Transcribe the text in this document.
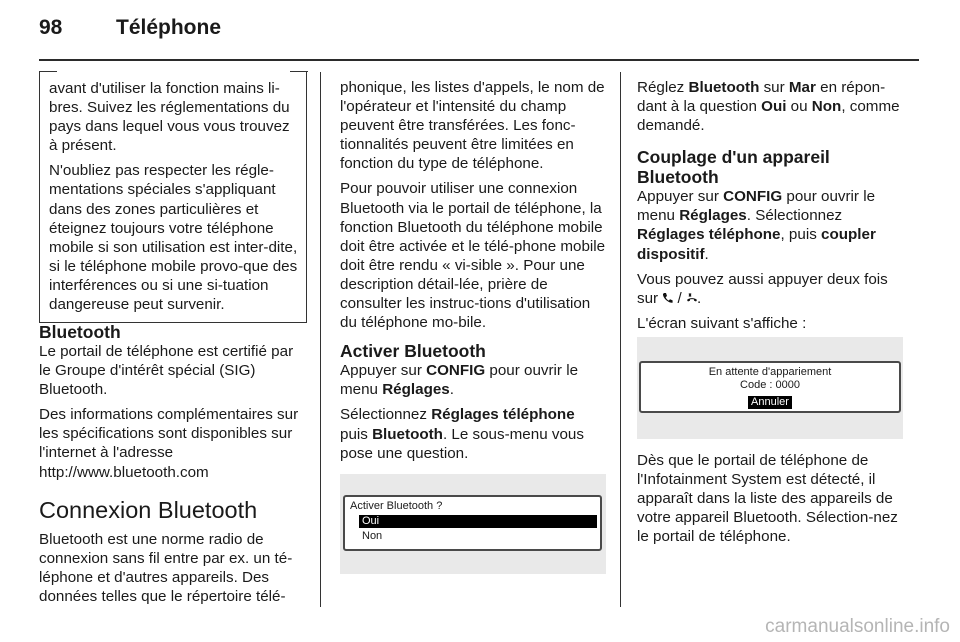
98	Téléphone

avant d'utiliser la fonction mains li-bres. Suivez les réglementations du pays dans lequel vous vous trouvez à présent.

N'oubliez pas respecter les régle-mentations spéciales s'appliquant dans des zones particulières et éteignez toujours votre téléphone mobile si son utilisation est inter-dite, si le téléphone mobile provo-que des interférences ou si une si-tuation dangereuse peut survenir.

Bluetooth

Le portail de téléphone est certifié par le Groupe d'intérêt spécial (SIG) Bluetooth.

Des informations complémentaires sur les spécifications sont disponibles sur l'internet à l'adresse http://www.bluetooth.com

Connexion Bluetooth

Bluetooth est une norme radio de connexion sans fil entre par ex. un té-léphone et d'autres appareils. Des données telles que le répertoire télé-

phonique, les listes d'appels, le nom de l'opérateur et l'intensité du champ peuvent être transférées. Les fonc-tionnalités peuvent être limitées en fonction du type de téléphone.

Pour pouvoir utiliser une connexion Bluetooth via le portail de téléphone, la fonction Bluetooth du téléphone mobile doit être activée et le télé-phone mobile doit être rendu « vi-sible ». Pour une description détail-lée, prière de consulter les instruc-tions d'utilisation du téléphone mo-bile.

Activer Bluetooth

Appuyer sur CONFIG pour ouvrir le menu Réglages.

Sélectionnez Réglages téléphone puis Bluetooth. Le sous-menu vous pose une question.

Activer Bluetooth ?
Oui
Non

Réglez Bluetooth sur Mar en répon-dant à la question Oui ou Non, comme demandé.

Couplage d'un appareil Bluetooth

Appuyer sur CONFIG pour ouvrir le menu Réglages. Sélectionnez Réglages téléphone, puis coupler dispositif.

Vous pouvez aussi appuyer deux fois sur  / .

L'écran suivant s'affiche :

En attente d'appariement
Code : 0000
Annuler

Dès que le portail de téléphone de l'Infotainment System est détecté, il apparaît dans la liste des appareils de votre appareil Bluetooth. Sélection-nez le portail de téléphone.

carmanualsonline.info
